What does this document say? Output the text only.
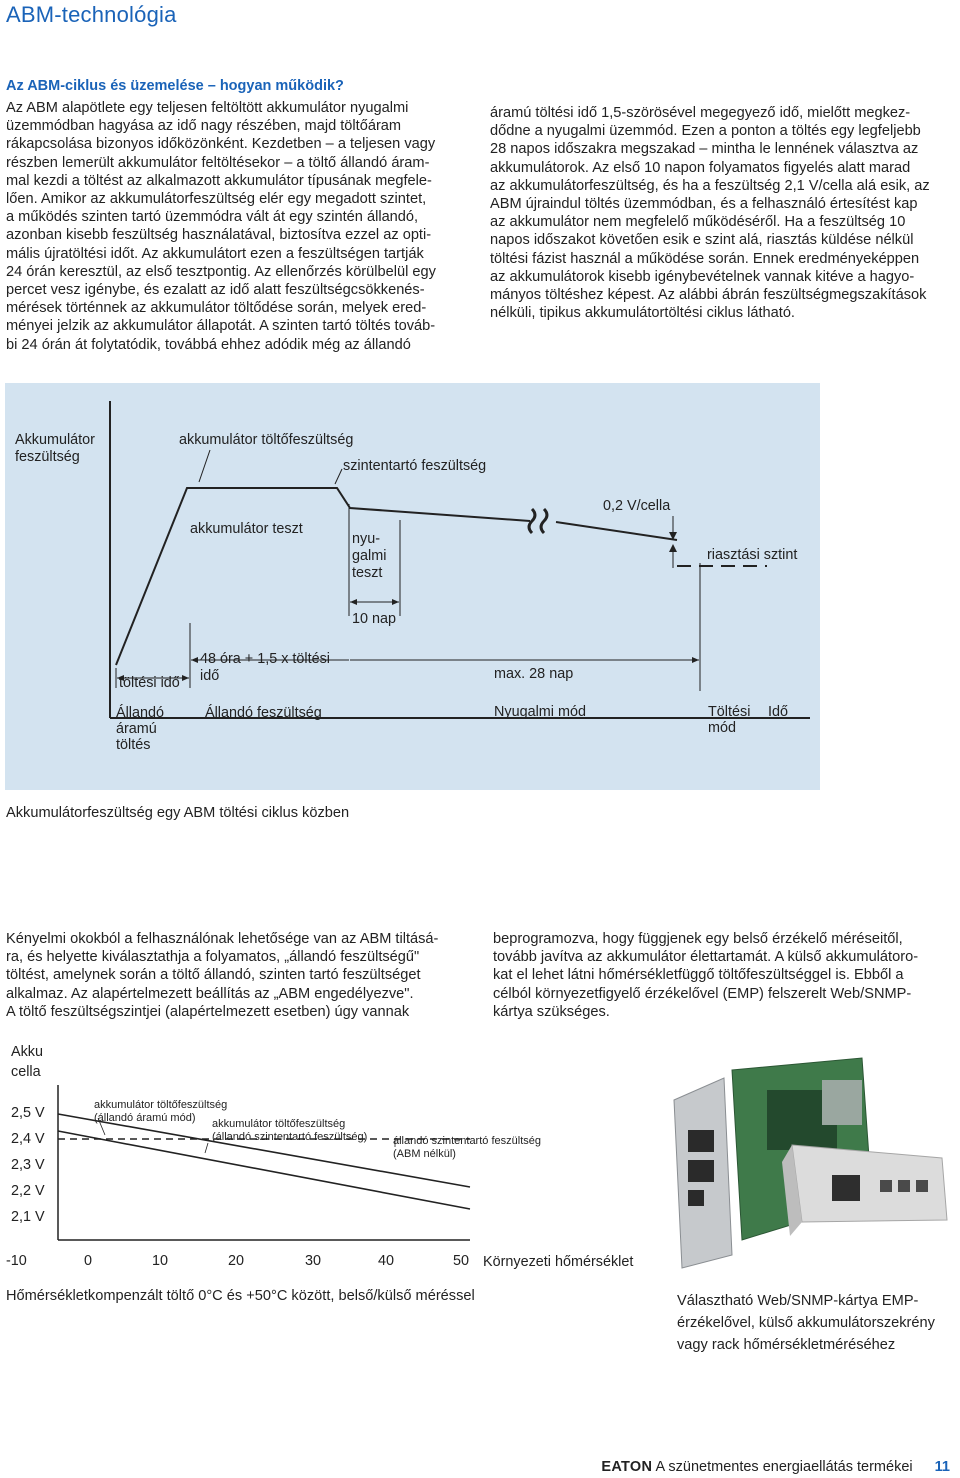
ABM-technológia
Az ABM-ciklus és üzemelése – hogyan működik?

Az ABM alapötlete egy teljesen feltöltött akkumulátor nyugalmi

üzemmódban hagyása az idő nagy részében, majd töltőáram

rákapcsolása bizonyos időközönként. Kezdetben – a teljesen vagy

részben lemerült akkumulátor feltöltésekor – a töltő állandó áram-

mal kezdi a töltést az alkalmazott akkumulátor típusának megfele-

lően. Amikor az akkumulátorfeszültség elér egy megadott szintet,

a működés szinten tartó üzemmódra vált át egy szintén állandó,

azonban kisebb feszültség használatával, biztosítva ezzel az opti-

mális újratöltési időt. Az akkumulátort ezen a feszültségen tartják

24 órán keresztül, az első tesztpontig. Az ellenőrzés körülbelül egy

percet vesz igénybe, és ezalatt az idő alatt feszültségcsökkenés-

mérések történnek az akkumulátor töltődése során, melyek ered-

ményei jelzik az akkumulátor állapotát. A szinten tartó töltés továb-

bi 24 órán át folytatódik, továbbá ehhez adódik még az állandó

áramú töltési idő 1,5-szörösével megegyező idő, mielőtt megkez-

dődne a nyugalmi üzemmód. Ezen a ponton a töltés egy legfeljebb

28 napos időszakra megszakad – mintha le lennének választva az

akkumulátorok. Az első 10 napon folyamatos figyelés alatt marad

az akkumulátorfeszültség, és ha a feszültség 2,1 V/cella alá esik, az

ABM újraindul töltés üzemmódban, és a felhasználó értesítést kap

az akkumulátor nem megfelelő működéséről. Ha a feszültség 10

napos időszakot követően esik e szint alá, riasztás küldése nélkül

töltési fázist használ a működése során. Ennek eredményeképpen

az akkumulátorok kisebb igénybevételnek vannak kitéve a hagyo-

mányos töltéshez képest. Az alábbi ábrán feszültségmegszakítások

nélküli, tipikus akkumulátortöltési ciklus látható.

Akkumulátor
feszültség
akkumulátor töltőfeszültség
szintentartó feszültség
0,2 V/cella
akkumulátor teszt
nyu-
galmi
teszt
riasztási sztint
10 nap
48 óra + 1,5 x töltési
idő
töltési idő
max. 28 nap
Állandó
áramú
töltés
Állandó feszültség	Nyugalmi mód	Töltési
mód
Idő
Akkumulátorfeszültség egy ABM töltési ciklus közben

Kényelmi okokból a felhasználónak lehetősége van az ABM tiltásá-

ra, és helyette kiválasztathja a folyamatos, „állandó feszültségű"

töltést, amelynek során a töltő állandó, szinten tartó feszültséget

alkalmaz. Az alapértelmezett beállítás az „ABM engedélyezve".

A töltő feszültségszintjei (alapértelmezett esetben) úgy vannak

beprogramozva, hogy függjenek egy belső érzékelő méréseitől,

tovább javítva az akkumulátor élettartamát. A külső akkumulátoro-

kat el lehet látni hőmérsékletfüggő töltőfeszültséggel is. Ebből a

célból környezetfigyelő érzékelővel (EMP) felszerelt Web/SNMP-

kártya szükséges.

Akku
cella
2,5 V
2,4 V
2,3 V
2,2 V
2,1 V
-10	0	10	20	30	40	50 Környezeti hőmérséklet
akkumulátor töltőfeszültség
(állandó áramú mód)	akkumulátor töltőfeszültség
(állandó szintentartó feszültség) állandó szintentartó feszültség
(ABM nélkül)
Hőmérsékletkompenzált töltő 0°C és +50°C között, belső/külső méréssel	Választható Web/SNMP-kártya EMP-
érzékelővel, külső akkumulátorszekrény
vagy rack hőmérsékletméréséhez
EATON A szünetmentes energiaellátás termékei 11
